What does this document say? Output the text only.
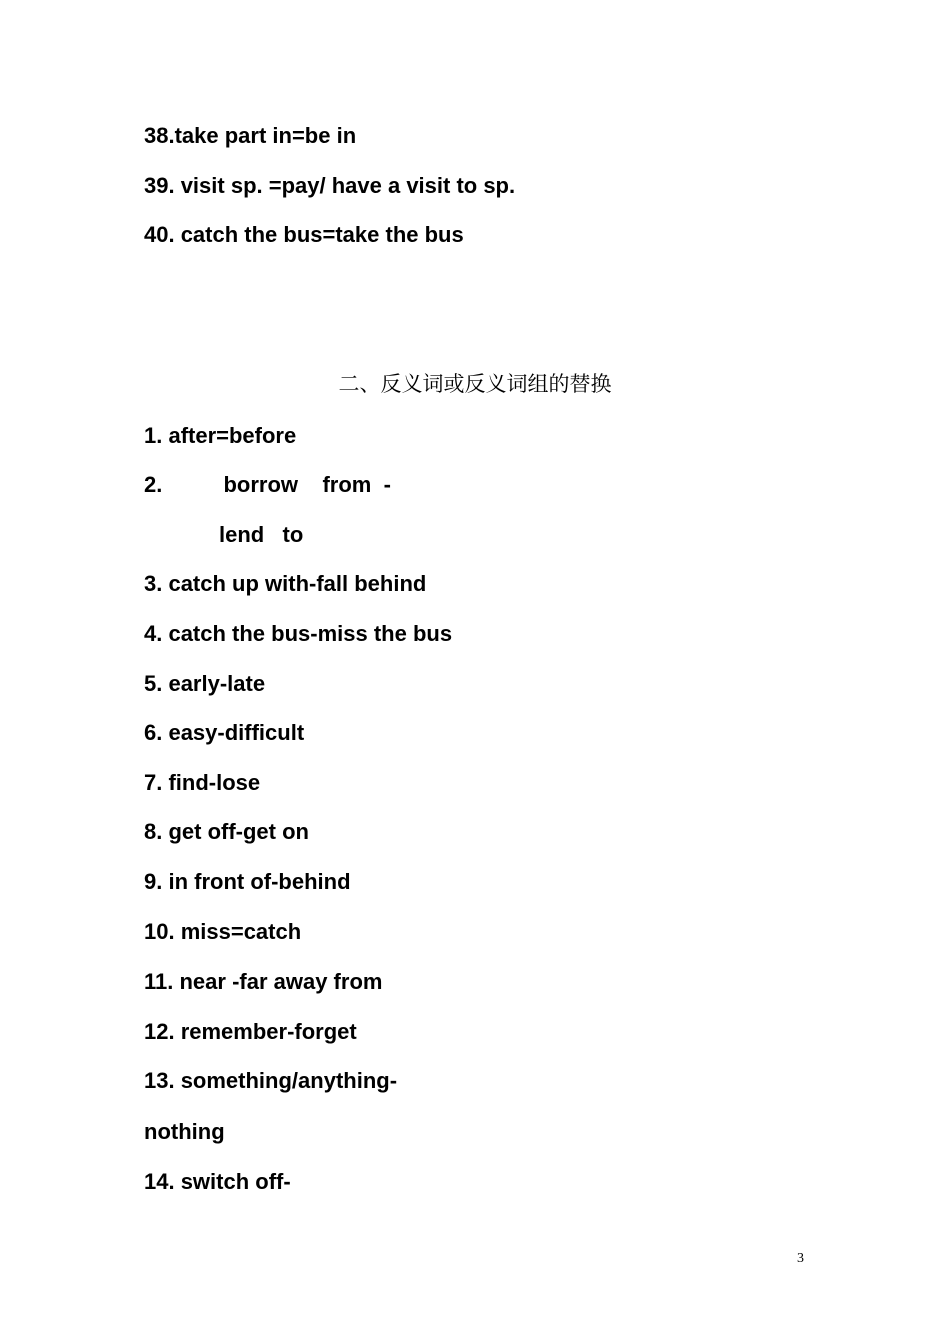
38.take part in=be in

39. visit sp. =pay/ have a visit to sp.

40. catch the bus=take the bus

二、反义词或反义词组的替换

1. after=before

2.          borrow    from  -

lend   to

3. catch up with-fall behind

4. catch the bus-miss the bus

5. early-late

6. easy-difficult

7. find-lose

8. get off-get on

9. in front of-behind

10. miss=catch

11. near -far away from

12. remember-forget

13. something/anything-

nothing

14. switch off-

3
